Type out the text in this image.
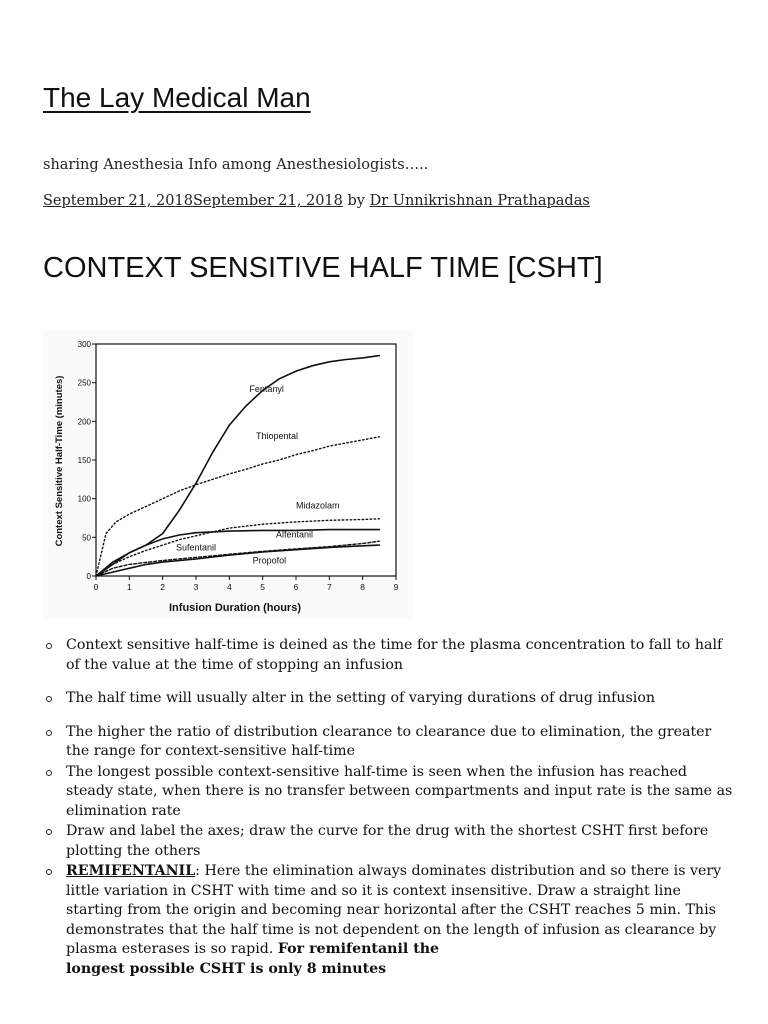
The Lay Medical Man
sharing Anesthesia Info among Anesthesiologists…..
September 21, 2018September 21, 2018 by Dr Unnikrishnan Prathapadas
CONTEXT SENSITIVE HALF TIME [CSHT]
0
50
100
150
200
250
300
0	1	2	3	4	5	6	7	8	9
Fentanyl
Thiopental
Midazolam
Alfentanil
Sufentanil
Propofol
Context Sensitive Half-Time (minutes)
Infusion Duration (hours)
Context sensitive half-time is deined as the time for the plasma concentration to fall to half of the value at the time of stopping an infusion
The half time will usually alter in the setting of varying durations of drug infusion
The higher the ratio of distribution clearance to clearance due to elimination, the greater the range for context-sensitive half-time
The longest possible context-sensitive half-time is seen when the infusion has reached steady state, when there is no transfer between compartments and input rate is the same as elimination rate
Draw and label the axes; draw the curve for the drug with the shortest CSHT first before plotting the others
REMIFENTANIL: Here the elimination always dominates distribution and so there is very little variation in CSHT with time and so it is context insensitive. Draw a straight line starting from the origin and becoming near horizontal after the CSHT reaches 5 min. This demonstrates that the half time is not dependent on the length of infusion as clearance by plasma esterases is so rapid. For remifentanil the
longest possible CSHT is only 8 minutes
